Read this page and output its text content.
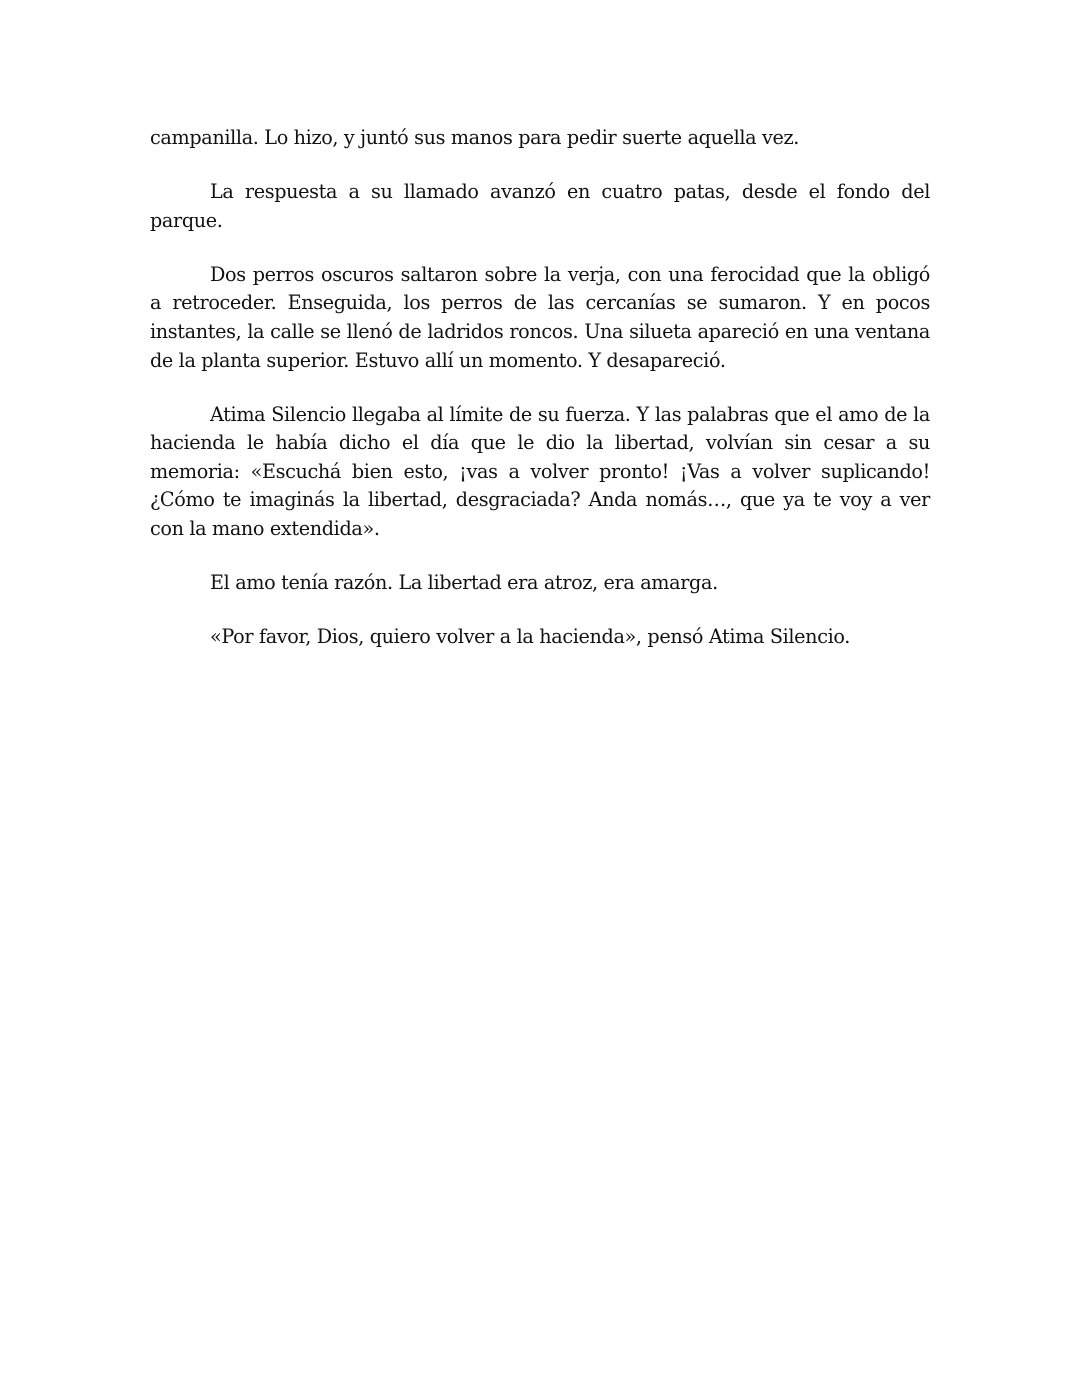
campanilla. Lo hizo, y juntó sus manos para pedir suerte aquella vez.

La respuesta a su llamado avanzó en cuatro patas, desde el fondo del parque.

Dos perros oscuros saltaron sobre la verja, con una ferocidad que la obligó a retroceder. Enseguida, los perros de las cercanías se sumaron. Y en pocos instantes, la calle se llenó de ladridos roncos. Una silueta apareció en una ventana de la planta superior. Estuvo allí un momento. Y desapareció.

Atima Silencio llegaba al límite de su fuerza. Y las palabras que el amo de la hacienda le había dicho el día que le dio la libertad, volvían sin cesar a su memoria: «Escuchá bien esto, ¡vas a volver pronto! ¡Vas a volver suplicando! ¿Cómo te imaginás la libertad, desgraciada? Anda nomás…, que ya te voy a ver con la mano extendida».

El amo tenía razón. La libertad era atroz, era amarga.

«Por favor, Dios, quiero volver a la hacienda», pensó Atima Silencio.
